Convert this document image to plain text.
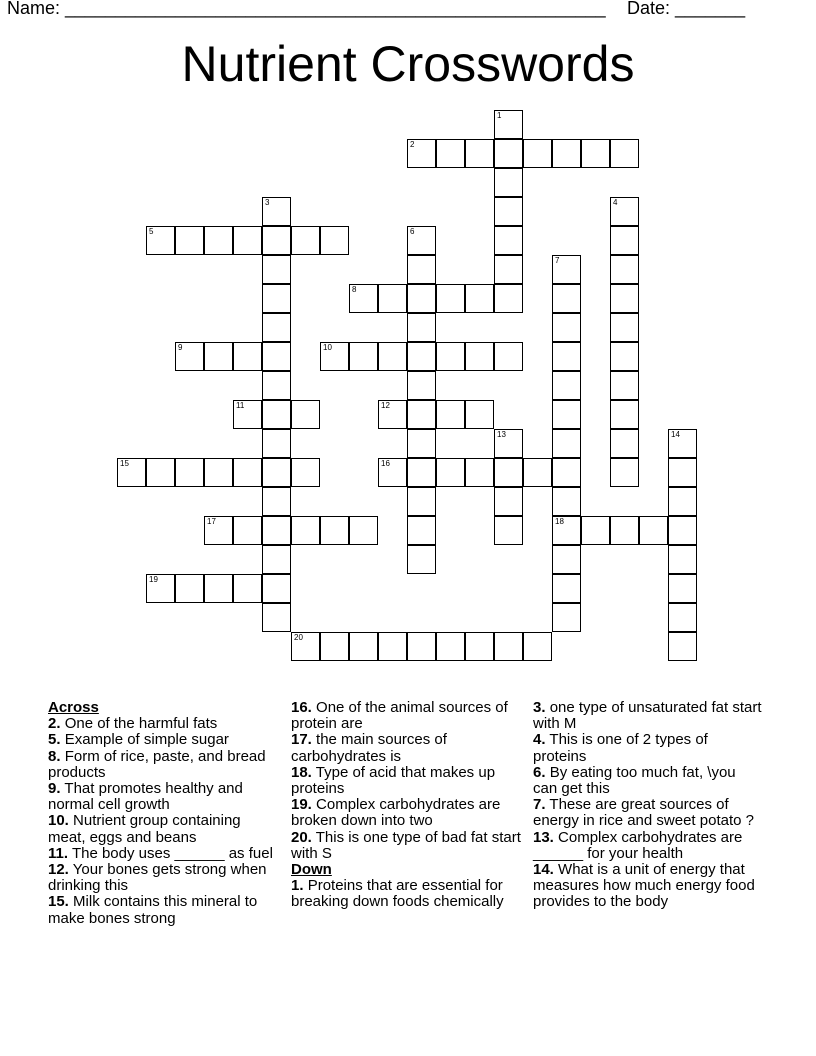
Name: ______________________________________________________ Date: _______
Nutrient Crosswords
1
2
3	4
5	6
7
18
8
9	10
11	12
13	14
15	16
17
19
20
Across
2. One of the harmful fats
5. Example of simple sugar
8. Form of rice, paste, and bread products
9. That promotes healthy and normal cell growth
10. Nutrient group containing meat, eggs and beans
11. The body uses ______ as fuel
12. Your bones gets strong when drinking this
15. Milk contains this mineral to make bones strong
16. One of the animal sources of protein are
17. the main sources of carbohydrates is
18. Type of acid that makes up proteins
19. Complex carbohydrates are broken down into two
20. This is one type of bad fat start with S
Down
1. Proteins that are essential for breaking down foods chemically
3. one type of unsaturated fat start with M
4. This is one of 2 types of proteins
6. By eating too much fat, \you can get this
7. These are great sources of energy in rice and sweet potato ?
13. Complex carbohydrates are ______ for your health
14. What is a unit of energy that measures how much energy food provides to the body
